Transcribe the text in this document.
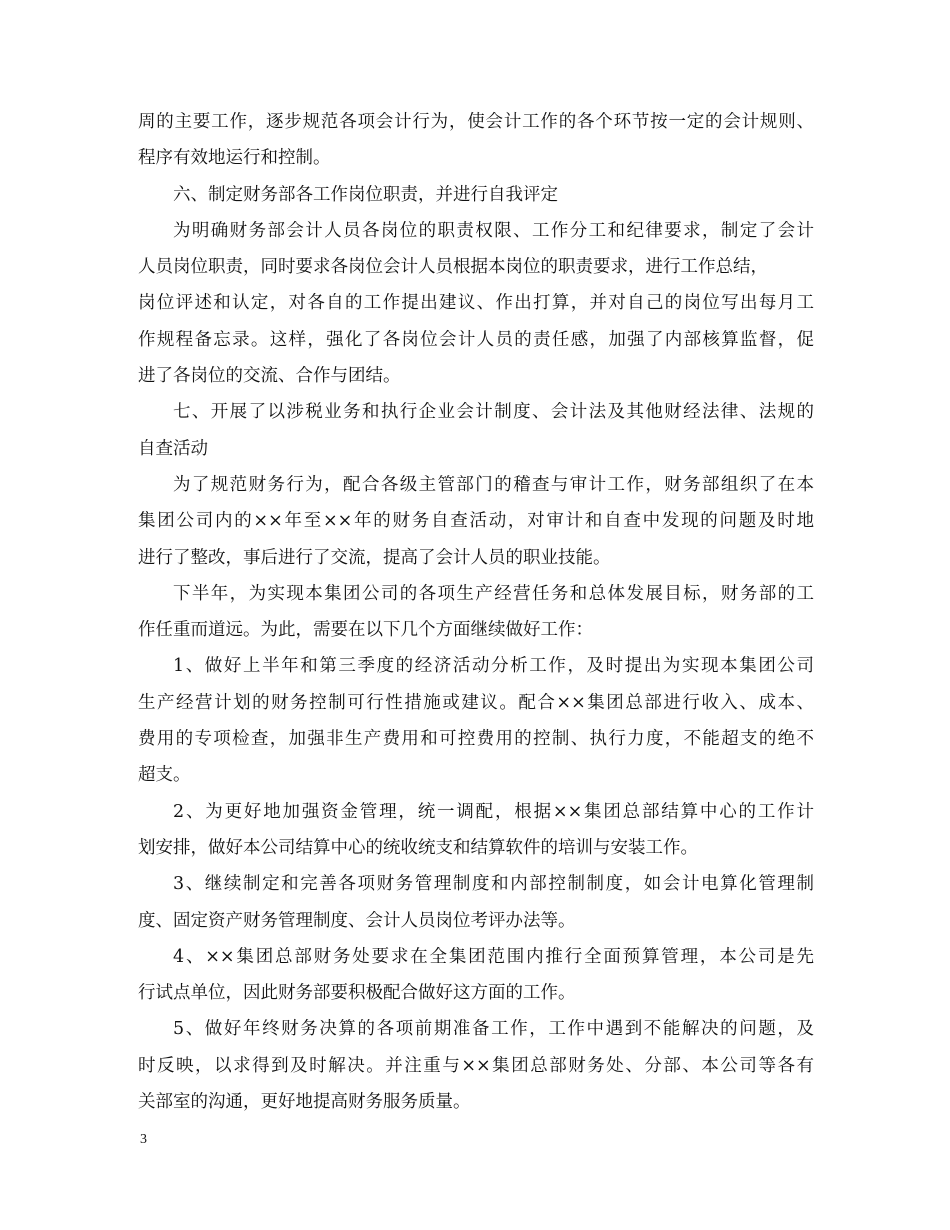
周的主要工作，逐步规范各项会计行为，使会计工作的各个环节按一定的会计规则、
程序有效地运行和控制。
六、制定财务部各工作岗位职责，并进行自我评定
为明确财务部会计人员各岗位的职责权限、工作分工和纪律要求，制定了会计
人员岗位职责，同时要求各岗位会计人员根据本岗位的职责要求，进行工作总结，
岗位评述和认定，对各自的工作提出建议、作出打算，并对自己的岗位写出每月工
作规程备忘录。这样，强化了各岗位会计人员的责任感，加强了内部核算监督，促
进了各岗位的交流、合作与团结。
七、开展了以涉税业务和执行企业会计制度、会计法及其他财经法律、法规的
自查活动
为了规范财务行为，配合各级主管部门的稽查与审计工作，财务部组织了在本
集团公司内的××年至××年的财务自查活动，对审计和自查中发现的问题及时地
进行了整改，事后进行了交流，提高了会计人员的职业技能。
下半年，为实现本集团公司的各项生产经营任务和总体发展目标，财务部的工
作任重而道远。为此，需要在以下几个方面继续做好工作：
1、做好上半年和第三季度的经济活动分析工作，及时提出为实现本集团公司
生产经营计划的财务控制可行性措施或建议。配合××集团总部进行收入、成本、
费用的专项检查，加强非生产费用和可控费用的控制、执行力度，不能超支的绝不
超支。
2、为更好地加强资金管理，统一调配，根据××集团总部结算中心的工作计
划安排，做好本公司结算中心的统收统支和结算软件的培训与安装工作。
3、继续制定和完善各项财务管理制度和内部控制制度，如会计电算化管理制
度、固定资产财务管理制度、会计人员岗位考评办法等。
4、××集团总部财务处要求在全集团范围内推行全面预算管理，本公司是先
行试点单位，因此财务部要积极配合做好这方面的工作。
5、做好年终财务决算的各项前期准备工作，工作中遇到不能解决的问题，及
时反映，以求得到及时解决。并注重与××集团总部财务处、分部、本公司等各有
关部室的沟通，更好地提高财务服务质量。
3
